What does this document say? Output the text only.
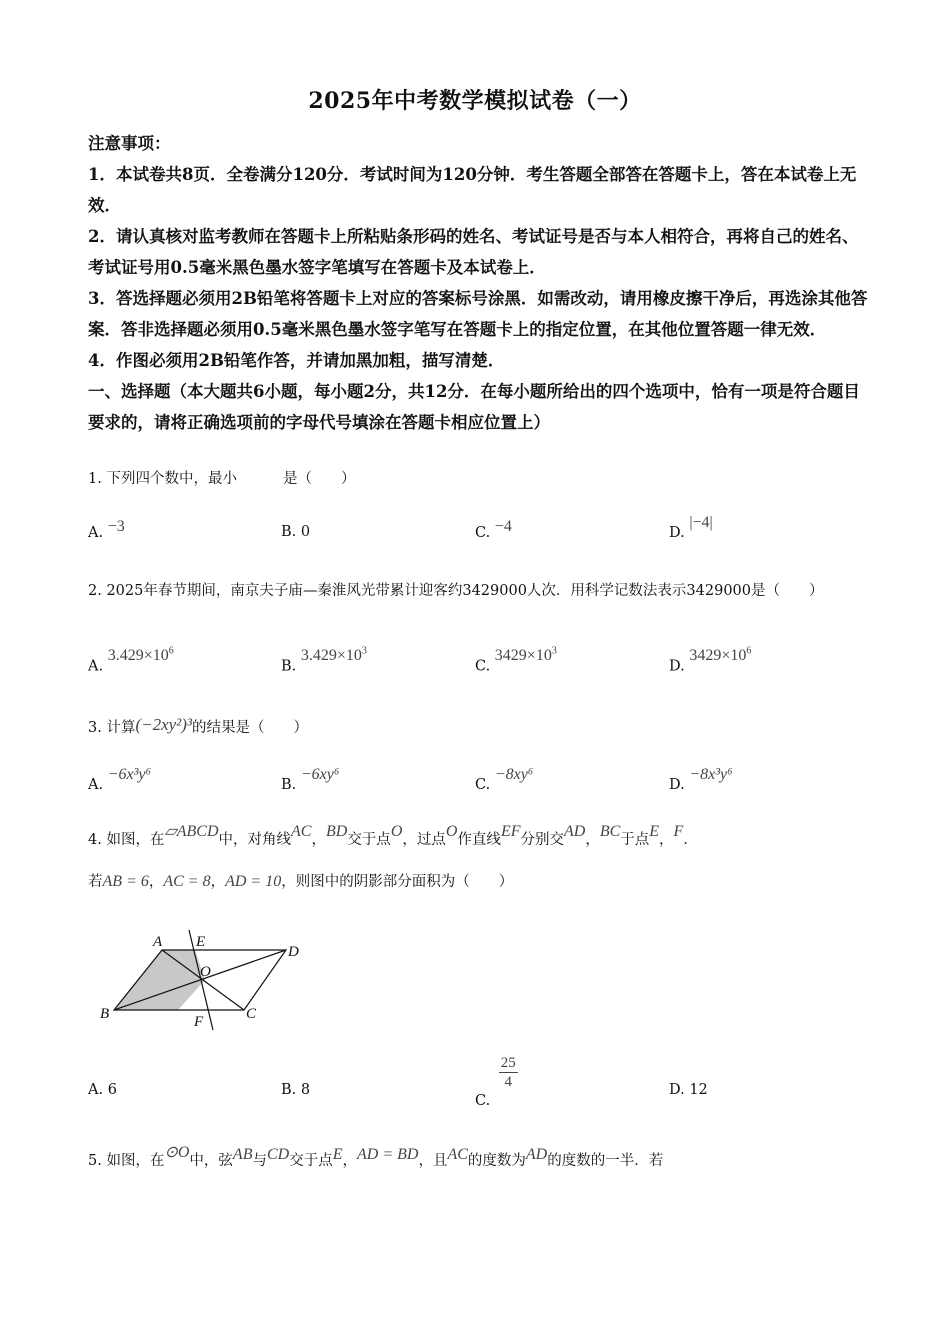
2025年中考数学模拟试卷（一）

注意事项：

1．本试卷共8页．全卷满分120分．考试时间为120分钟．考生答题全部答在答题卡上，答在本试卷上无效．

2．请认真核对监考教师在答题卡上所粘贴条形码的姓名、考试证号是否与本人相符合，再将自己的姓名、考试证号用0.5毫米黑色墨水签字笔填写在答题卡及本试卷上．

3．答选择题必须用2B铅笔将答题卡上对应的答案标号涂黑．如需改动，请用橡皮擦干净后，再选涂其他答案．答非选择题必须用0.5毫米黑色墨水签字笔写在答题卡上的指定位置，在其他位置答题一律无效．

4．作图必须用2B铅笔作答，并请加黑加粗，描写清楚．

一、选择题（本大题共6小题，每小题2分，共12分．在每小题所给出的四个选项中，恰有一项是符合题目要求的，请将正确选项前的字母代号填涂在答题卡相应位置上）

1. 下列四个数中，最小	是（　　）
A. −3	B. 0	C. −4	D. |−4|
2. 2025年春节期间，南京夫子庙—秦淮风光带累计迎客约3429000人次．用科学记数法表示3429000是（　　）
A. $3.429\times 10^6$
B. $3.429\times 10^3$
C. $3429\times 10^3$
D. $3429\times 10^6$
3. 计算(−2xy²)³的结果是（　　）
A. −6x³y⁶
B. −6xy⁶
C. −8xy⁶
D. −8x³y⁶
4. 如图，在▱ABCD中，对角线AC，BD交于点O，过点O作直线EF分别交AD，BC于点E，F．
若AB = 6，AC = 8，AD = 10，则图中的阴影部分面积为（　　）
A E
D
O
B	F	C
A. 6	B. 8
C.
$\frac{25}{4}$	D. 12
5. 如图，在⊙O中，弦AB与CD交于点E，AD = BD，且AC的度数为AD的度数的一半．若
